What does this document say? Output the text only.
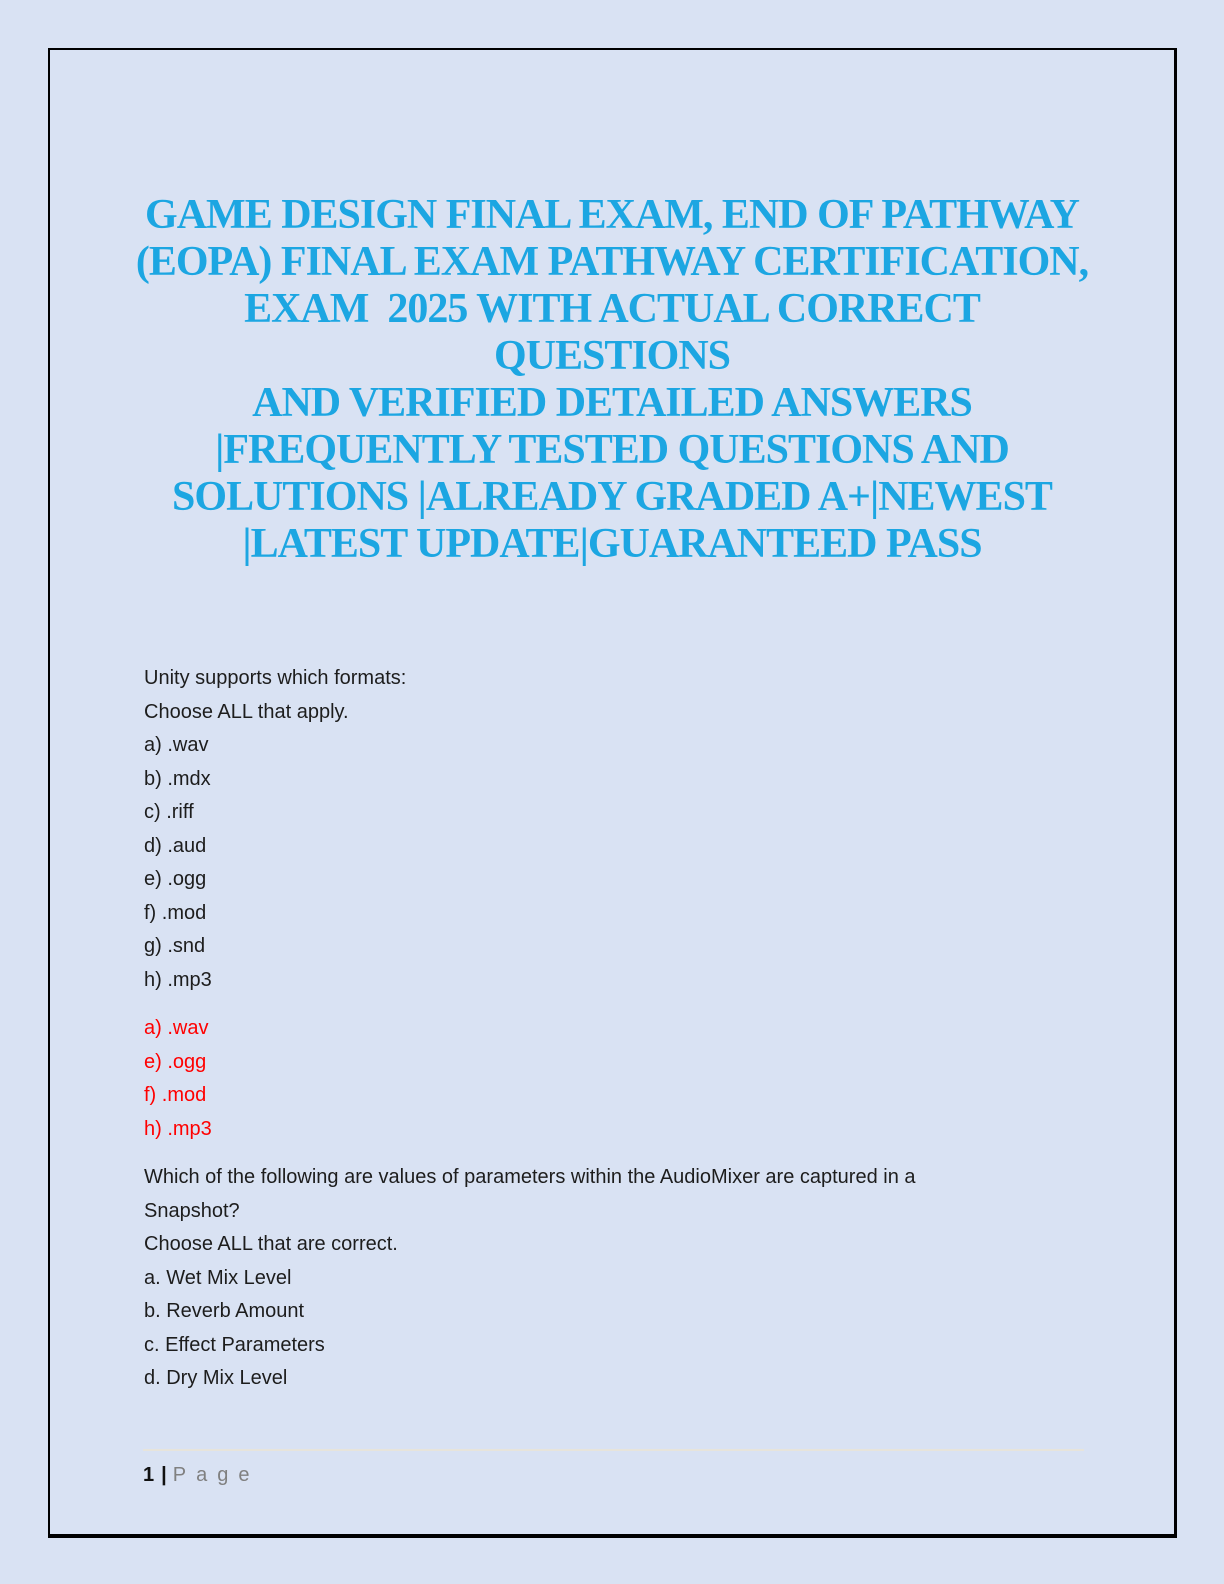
GAME DESIGN FINAL EXAM, END OF PATHWAY
(EOPA) FINAL EXAM PATHWAY CERTIFICATION,
EXAM  2025 WITH ACTUAL CORRECT QUESTIONS
AND VERIFIED DETAILED ANSWERS
|FREQUENTLY TESTED QUESTIONS AND
SOLUTIONS |ALREADY GRADED A+|NEWEST
|LATEST UPDATE|GUARANTEED PASS
Unity supports which formats:
Choose ALL that apply.
a) .wav
b) .mdx
c) .riff
d) .aud
e) .ogg
f) .mod
g) .snd
h) .mp3
a) .wav
e) .ogg
f) .mod
h) .mp3
Which of the following are values of parameters within the AudioMixer are captured in a
Snapshot?
Choose ALL that are correct.
a. Wet Mix Level
b. Reverb Amount
c. Effect Parameters
d. Dry Mix Level
1 | Page
